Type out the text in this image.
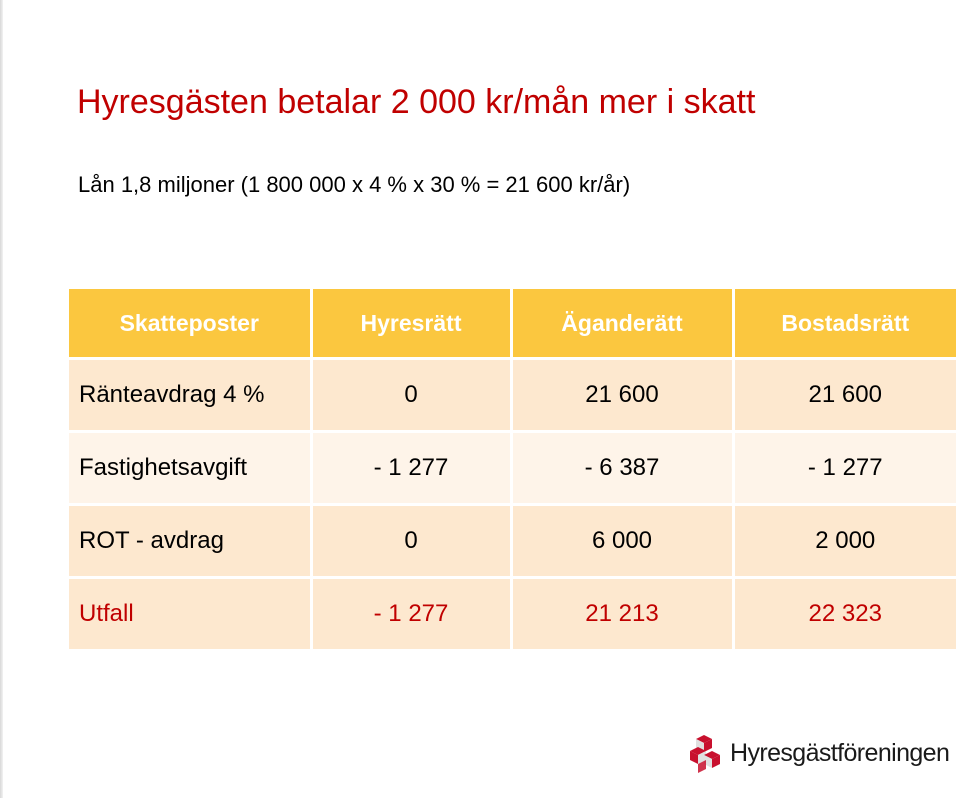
Hyresgästen betalar 2 000 kr/mån mer i skatt
Lån 1,8 miljoner (1 800 000 x 4 % x 30 % = 21 600 kr/år)
Skatteposter	Hyresrätt	Äganderätt	Bostadsrätt
Ränteavdrag 4 %	0	21 600	21 600
Fastighetsavgift	- 1 277	- 6 387	- 1 277
ROT - avdrag	0	6 000	2 000
Utfall	- 1 277	21 213	22 323
Hyresgästföreningen
